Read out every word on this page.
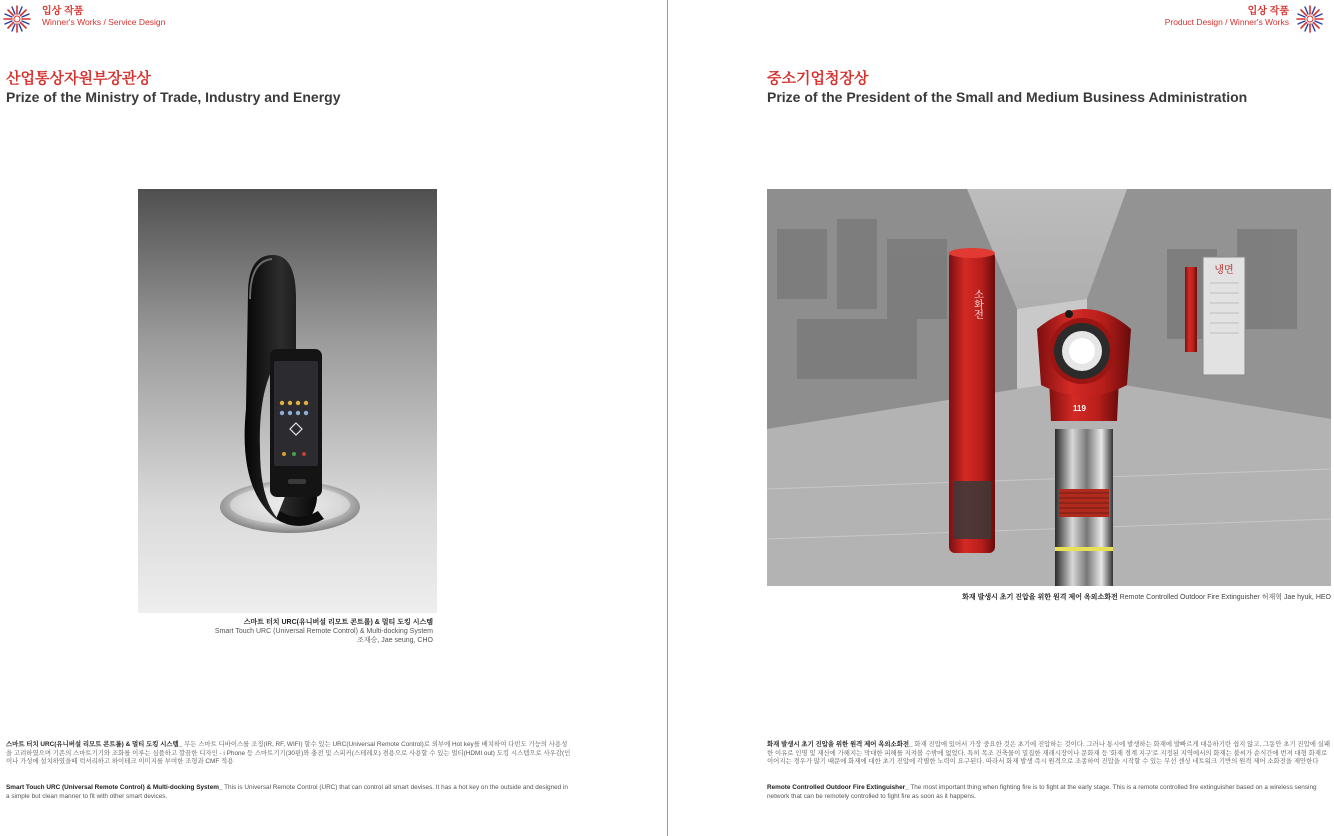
입상 작품
Winner's Works / Service Design
산업통상자원부장관상
Prize of the Ministry of Trade, Industry and Energy
스마트 터치 URC(유니버설 리모트 콘트롤) & 멀티 도킹 시스템
Smart Touch URC (Universal Remote Control) & Multi-docking System
조재승, Jae seung, CHO
스마트 터치 URC(유니버설 리모트 콘트롤) & 멀티 도킹 시스템_ 무든 스마트 디바이스를 조정(IR, RF, WIFI) 할수 있는 URC(Universal Remote Control)로 외부에 Hot key를 배치하여 다빈도 기능의 사용성을 고려하였으며 기존의 스마트기기와 조화를 이루는 심플하고 깔끔한 디자인 - i Phone 등 스마트기기(30핀)와 충전 및 스피커(스테레오) 겸용으로 사용할 수 있는 멀티(HDMI out) 도킹 시스템으로 사우감(인이나 가성에 설치하였을때 럭셔리하고 하이테크 이미지를 부여한 조형과 CMF 적용
Smart Touch URC (Universal Remote Control) & Multi-docking System_ This is Universal Remote Control (URC) that can control all smart devises. It has a hot key on the outside and designed in a simple but clean manner to fit with other smart devices.
입상 작품
Product Design / Winner's Works
중소기업청장상
Prize of the President of the Small and Medium Business Administration
냉면
소화전
119
화재 발생시 초기 진압을 위한 원격 제어 옥외소화전 Remote Controlled Outdoor Fire Extinguisher 허재혁 Jae hyuk, HEO
화재 발생시 초기 진압을 위한 원격 제어 옥외소화전_ 화재 진압에 있어서 가장 중요한 것은 초기에 진압하는 것이다. 그러나 통시에 발생하는 화재에 발빠르게 대응하기란 쉽지 않고, 그동안 초기 진압에 실패한 이유로 인명 및 재산에 가해지는 막대한 피해를 지켜볼 수밖에 없었다. 특히 목조 건축물이 밀집한 재래시장이나 문화재 등 '화재 경계 지구'로 지정된 지역에서의 화재는 불씨가 순식간에 번져 대형 화재로 이어지는 경우가 많기 때문에 화재에 대한 초기 진압에 각별한 노력이 요구된다. 따라서 화재 발생 즉시 원격으로 조종하여 진압을 시작할 수 있는 무선 센싱 네트워크 기반의 원격 제어 소화전을 제안한다
Remote Controlled Outdoor Fire Extinguisher_ The most important thing when fighting fire is to fight at the early stage. This is a remote controlled fire extinguisher based on a wireless sensing network that can be remotely controlled to fight fire as soon as it happens.
